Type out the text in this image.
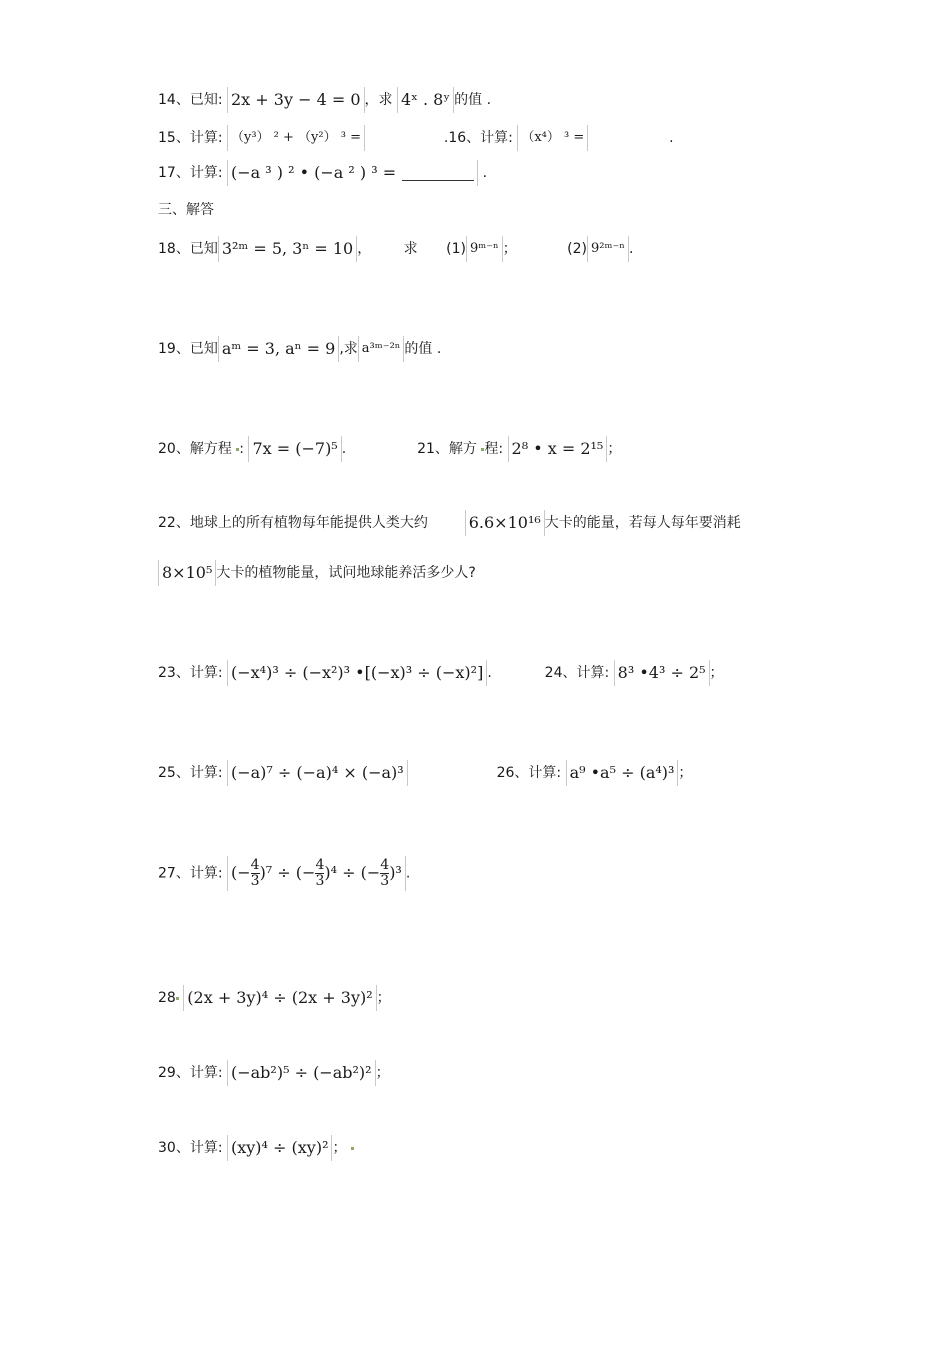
14、已知: 2x + 3y − 4 = 0 ，求 4ˣ . 8ʸ 的值 .
15、计算: （y³） ² + （y²） ³ =	.16、计算: （x⁴） ³ =	.
17、计算: (−a ³ ) ² • (−a ² ) ³ =	.
三、解答
18、已知 3²ᵐ = 5, 3ⁿ = 10 ， 求 (1) 9ᵐ⁻ⁿ ；	(2) 9²ᵐ⁻ⁿ .
19、已知 aᵐ = 3, aⁿ = 9 ,求 a³ᵐ⁻²ⁿ 的值 .
20、解方程 : 7x = (−7)⁵ .	21、解方 程: 2⁸ • x = 2¹⁵ ；
22、地球上的所有植物每年能提供人类大约	6.6×10¹⁶ 大卡的能量，若每人每年要消耗
8×10⁵ 大卡的植物能量，试问地球能养活多少人?
23、计算: (−x⁴)³ ÷ (−x²)³ •[(−x)³ ÷ (−x)²] .	24、计算: 8³ •4³ ÷ 2⁵ ；
25、计算: (−a)⁷ ÷ (−a)⁴ × (−a)³	26、计算: a⁹ •a⁵ ÷ (a⁴)³ ；
27、计算: (− $\frac{4}{3} )^7$ ÷ (− $\frac{4}{3} )^4$ ÷ (− $\frac{4}{3} )^3$ .
28 (2x + 3y)⁴ ÷ (2x + 3y)² ；
29、计算: (−ab²)⁵ ÷ (−ab²)² ；
30、计算: (xy)⁴ ÷ (xy)² ；
